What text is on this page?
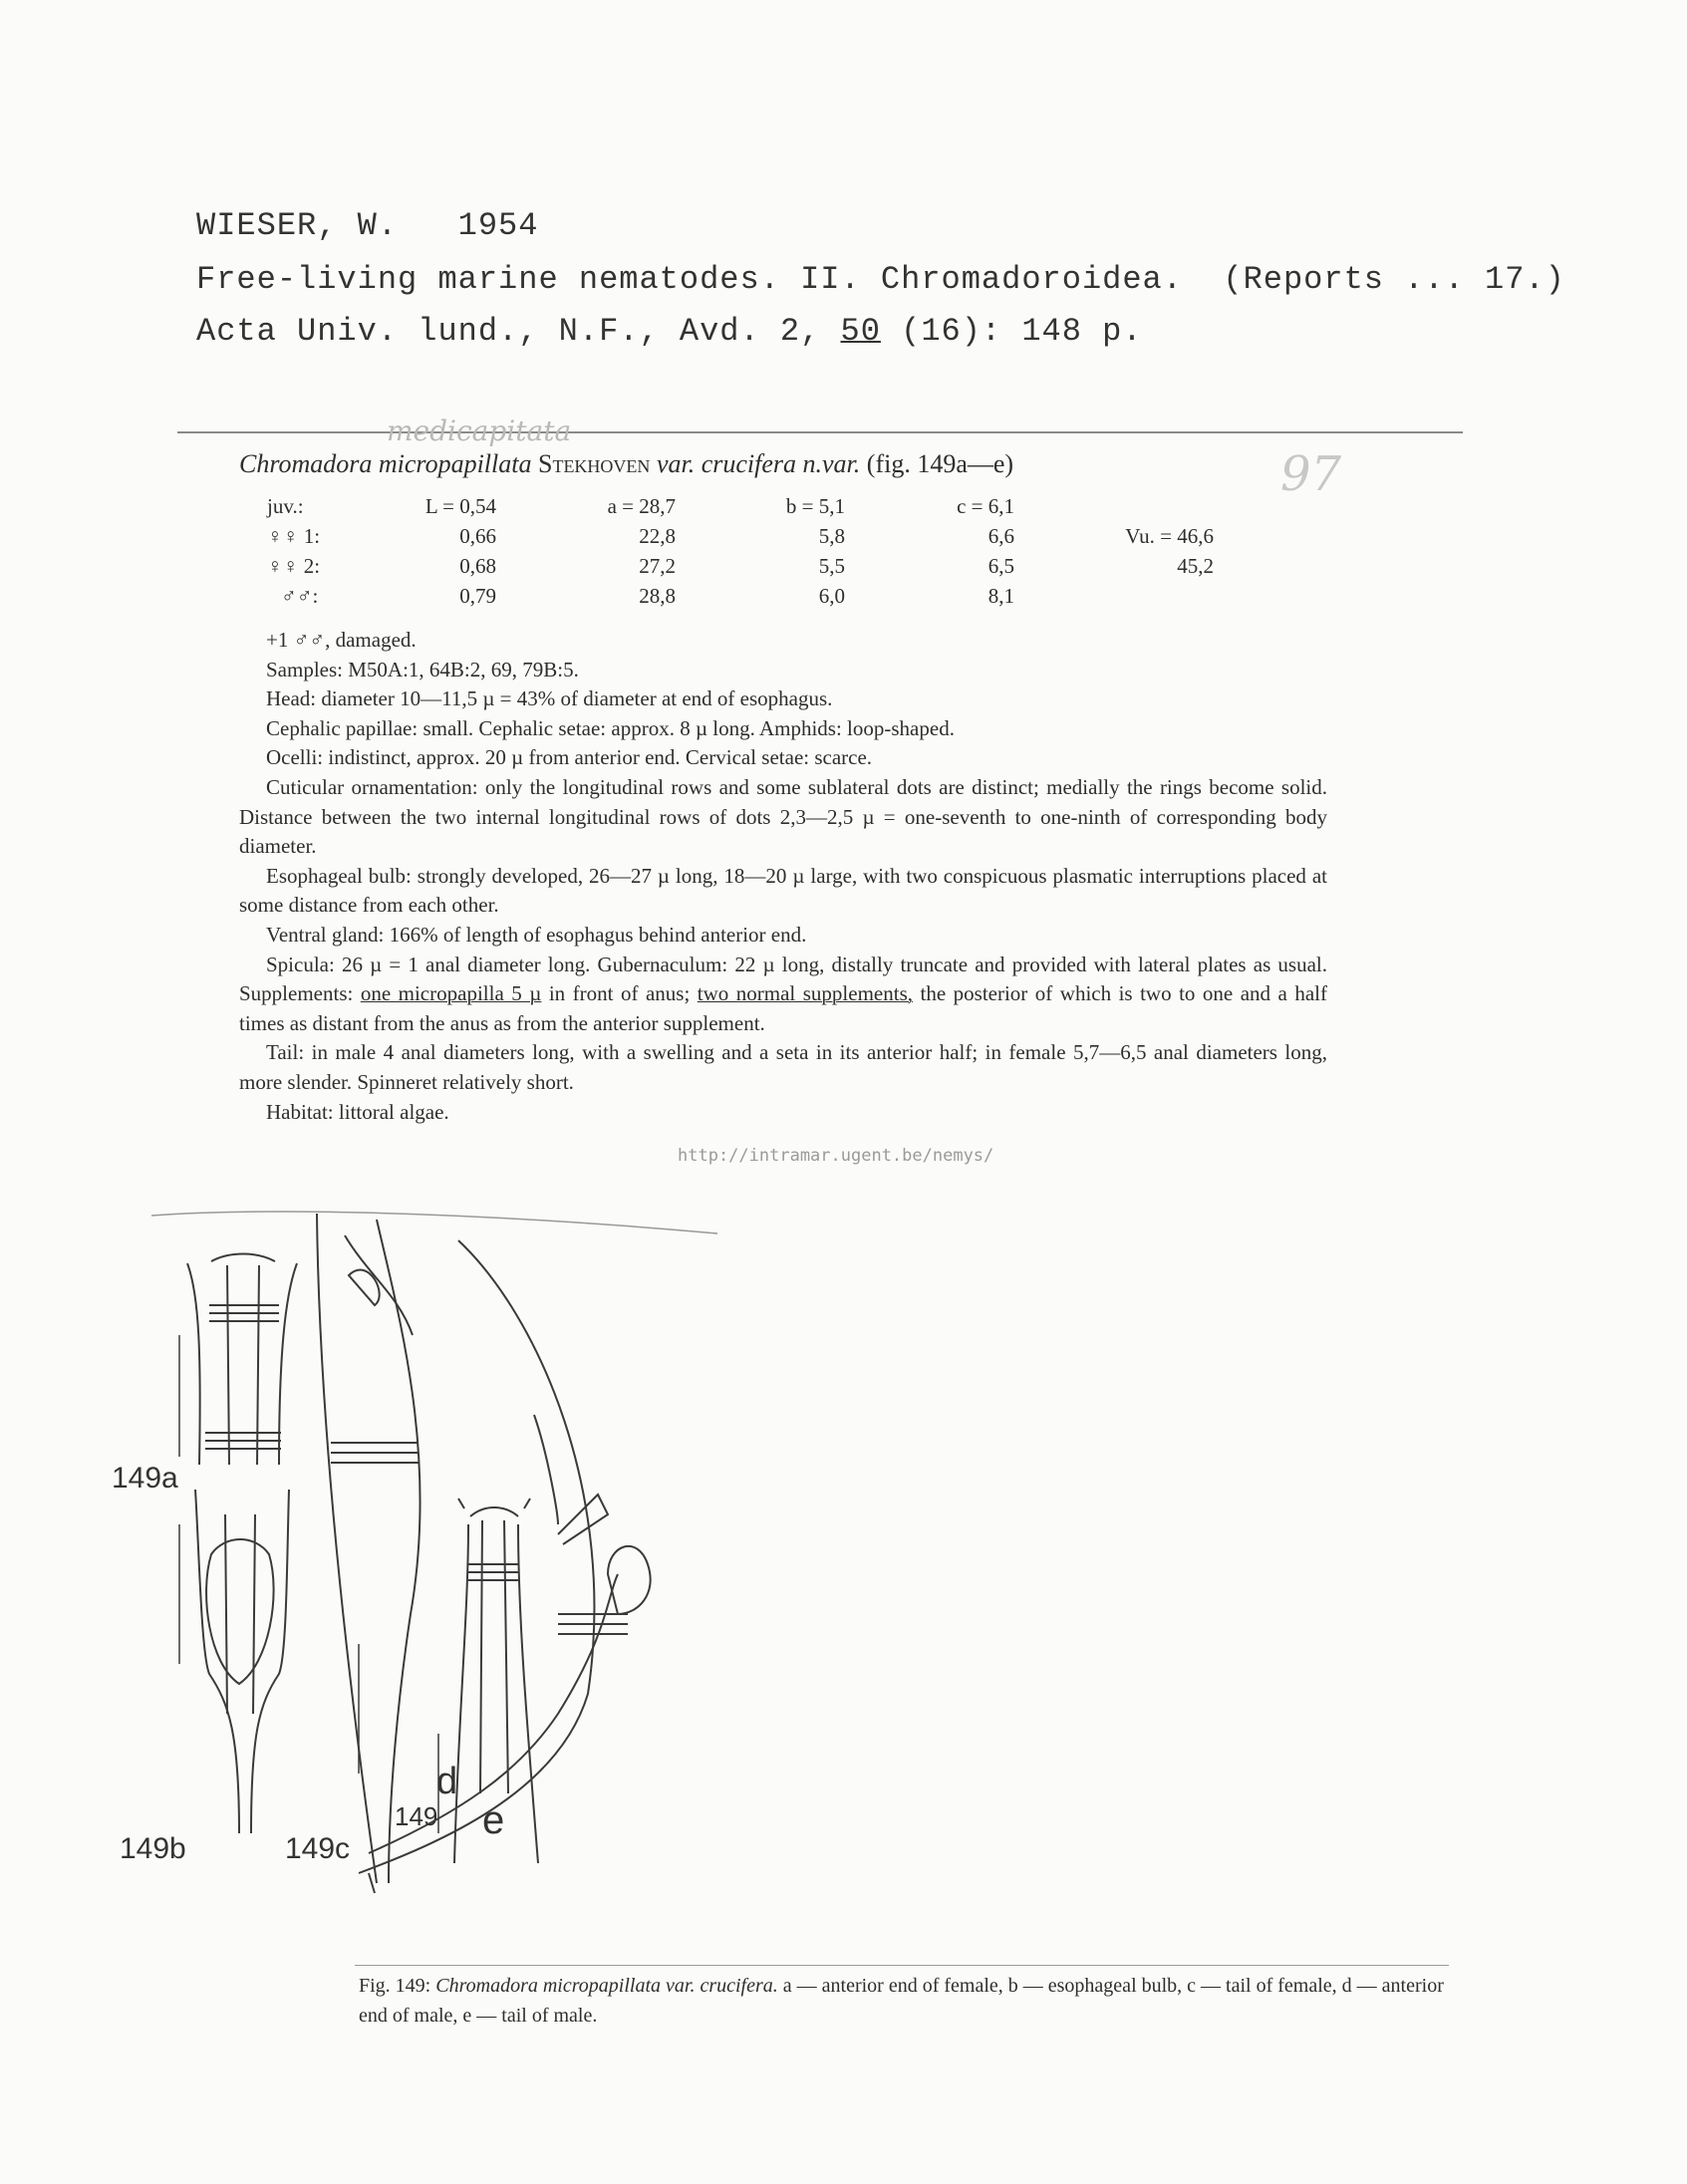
WIESER, W.   1954
Free-living marine nematodes. II. Chromadoroidea.  (Reports ... 17.)
Acta Univ. lund., N.F., Avd. 2, 50 (16): 148 p.
medicapitata
97
Chromadora micropapillata Stekhoven var. crucifera n.var. (fig. 149a—e)
juv.:	L = 0,54	a = 28,7	b = 5,1	c = 6,1
♀♀ 1:	0,66	22,8	5,8	6,6	Vu. = 46,6
♀♀ 2:	0,68	27,2	5,5	6,5	45,2
♂♂:	0,79	28,8	6,0	8,1

+1 ♂♂, damaged.

Samples: M50A:1, 64B:2, 69, 79B:5.

Head: diameter 10—11,5 µ = 43% of diameter at end of esophagus.

Cephalic papillae: small. Cephalic setae: approx. 8 µ long. Amphids: loop-shaped.

Ocelli: indistinct, approx. 20 µ from anterior end. Cervical setae: scarce.

Cuticular ornamentation: only the longitudinal rows and some sublateral dots are distinct; medially the rings become solid. Distance between the two internal longitudinal rows of dots 2,3—2,5 µ = one-seventh to one-ninth of corresponding body diameter.

Esophageal bulb: strongly developed, 26—27 µ long, 18—20 µ large, with two conspicuous plasmatic interruptions placed at some distance from each other.

Ventral gland: 166% of length of esophagus behind anterior end.

Spicula: 26 µ = 1 anal diameter long. Gubernaculum: 22 µ long, distally truncate and provided with lateral plates as usual. Supplements: one micropapilla 5 µ in front of anus; two normal supplements, the posterior of which is two to one and a half times as distant from the anus as from the anterior supplement.

Tail: in male 4 anal diameters long, with a swelling and a seta in its anterior half; in female 5,7—6,5 anal diameters long, more slender. Spinneret relatively short.

Habitat: littoral algae.

http://intramar.ugent.be/nemys/
149a
149b	149c
149
d
e

Fig. 149: Chromadora micropapillata var. crucifera. a — anterior end of female, b — esophageal bulb, c — tail of female, d — anterior end of male, e — tail of male.
